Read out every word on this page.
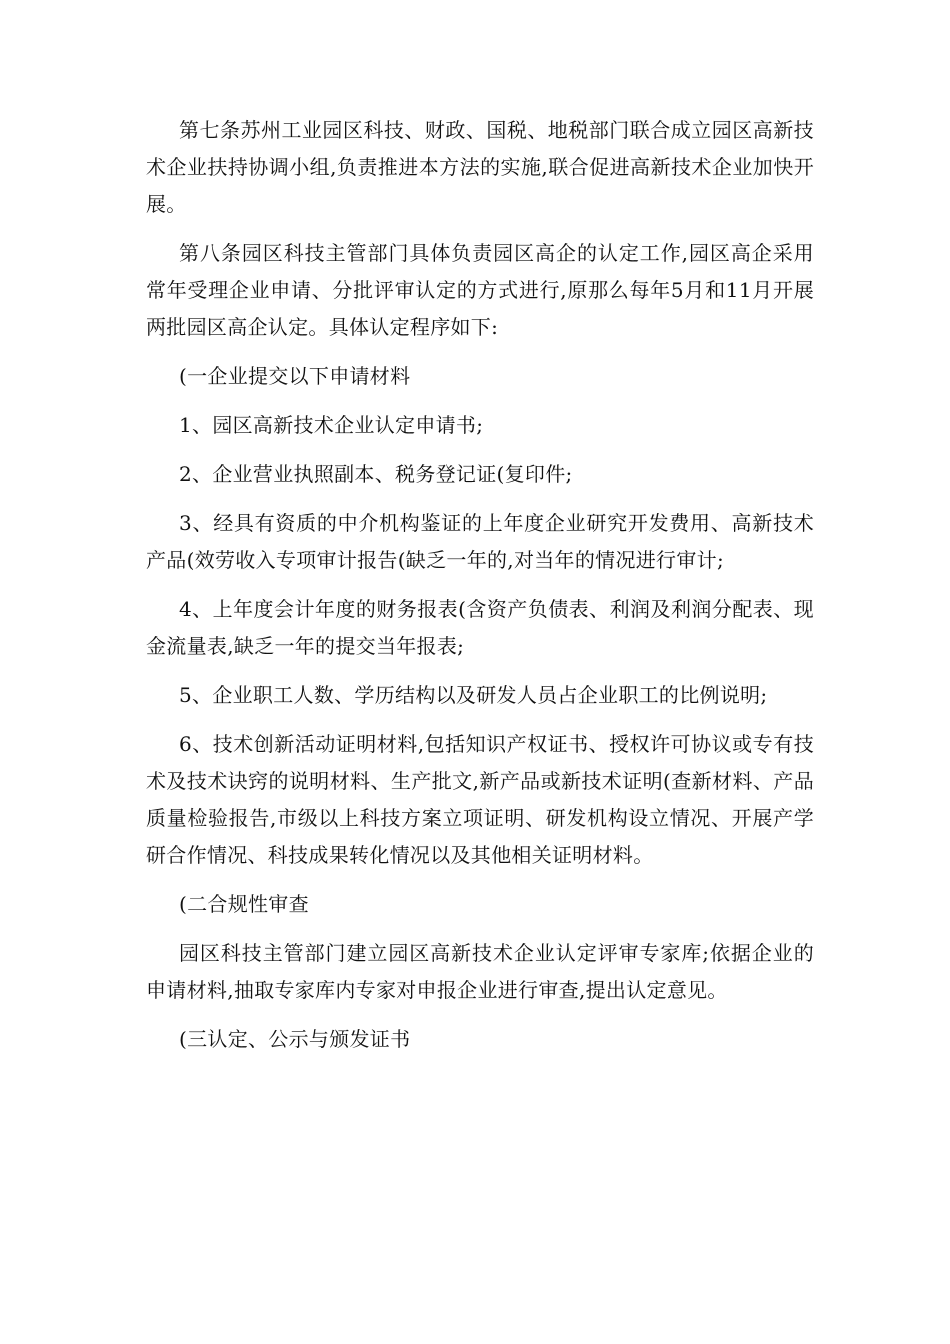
第七条苏州工业园区科技、财政、国税、地税部门联合成立园区高新技术企业扶持协调小组,负责推进本方法的实施,联合促进高新技术企业加快开展。

第八条园区科技主管部门具体负责园区高企的认定工作,园区高企采用常年受理企业申请、分批评审认定的方式进行,原那么每年5月和11月开展两批园区高企认定。具体认定程序如下:

(一企业提交以下申请材料

1、园区高新技术企业认定申请书;

2、企业营业执照副本、税务登记证(复印件;

3、经具有资质的中介机构鉴证的上年度企业研究开发费用、高新技术产品(效劳收入专项审计报告(缺乏一年的,对当年的情况进行审计;

4、上年度会计年度的财务报表(含资产负债表、利润及利润分配表、现金流量表,缺乏一年的提交当年报表;

5、企业职工人数、学历结构以及研发人员占企业职工的比例说明;

6、技术创新活动证明材料,包括知识产权证书、授权许可协议或专有技术及技术诀窍的说明材料、生产批文,新产品或新技术证明(查新材料、产品质量检验报告,市级以上科技方案立项证明、研发机构设立情况、开展产学研合作情况、科技成果转化情况以及其他相关证明材料。

(二合规性审查

园区科技主管部门建立园区高新技术企业认定评审专家库;依据企业的申请材料,抽取专家库内专家对申报企业进行审查,提出认定意见。

(三认定、公示与颁发证书
